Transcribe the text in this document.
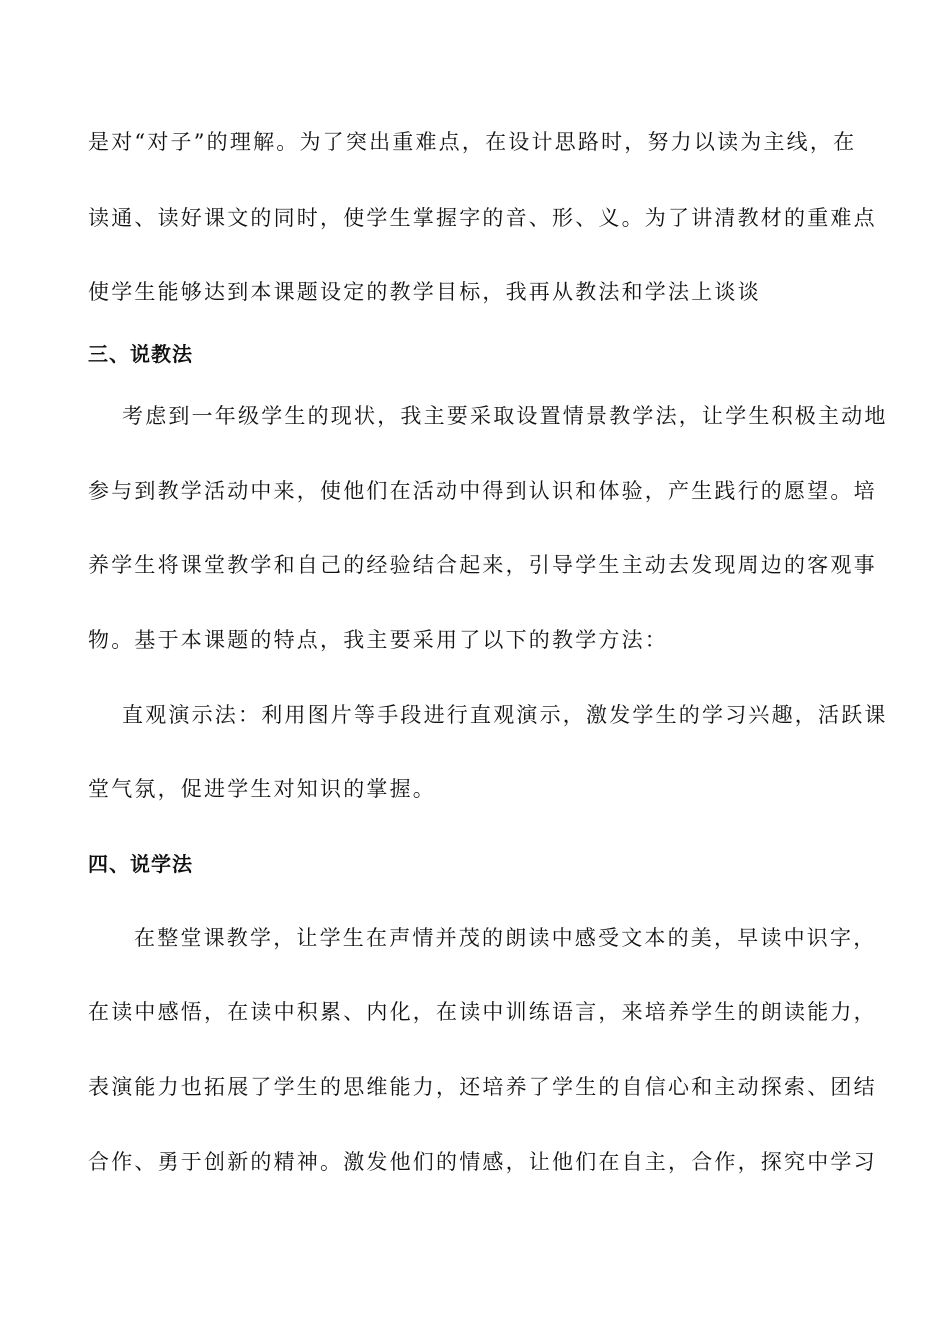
是对“对子”的理解。为了突出重难点，在设计思路时，努力以读为主线，在
读通、读好课文的同时，使学生掌握字的音、形、义。为了讲清教材的重难点
使学生能够达到本课题设定的教学目标，我再从教法和学法上谈谈
三、说教法
考虑到一年级学生的现状，我主要采取设置情景教学法，让学生积极主动地
参与到教学活动中来，使他们在活动中得到认识和体验，产生践行的愿望。培
养学生将课堂教学和自己的经验结合起来，引导学生主动去发现周边的客观事
物。基于本课题的特点，我主要采用了以下的教学方法：
直观演示法：利用图片等手段进行直观演示，激发学生的学习兴趣，活跃课
堂气氛，促进学生对知识的掌握。
四、说学法
在整堂课教学，让学生在声情并茂的朗读中感受文本的美，早读中识字，
在读中感悟，在读中积累、内化，在读中训练语言，来培养学生的朗读能力，
表演能力也拓展了学生的思维能力，还培养了学生的自信心和主动探索、团结
合作、勇于创新的精神。激发他们的情感，让他们在自主，合作，探究中学习
